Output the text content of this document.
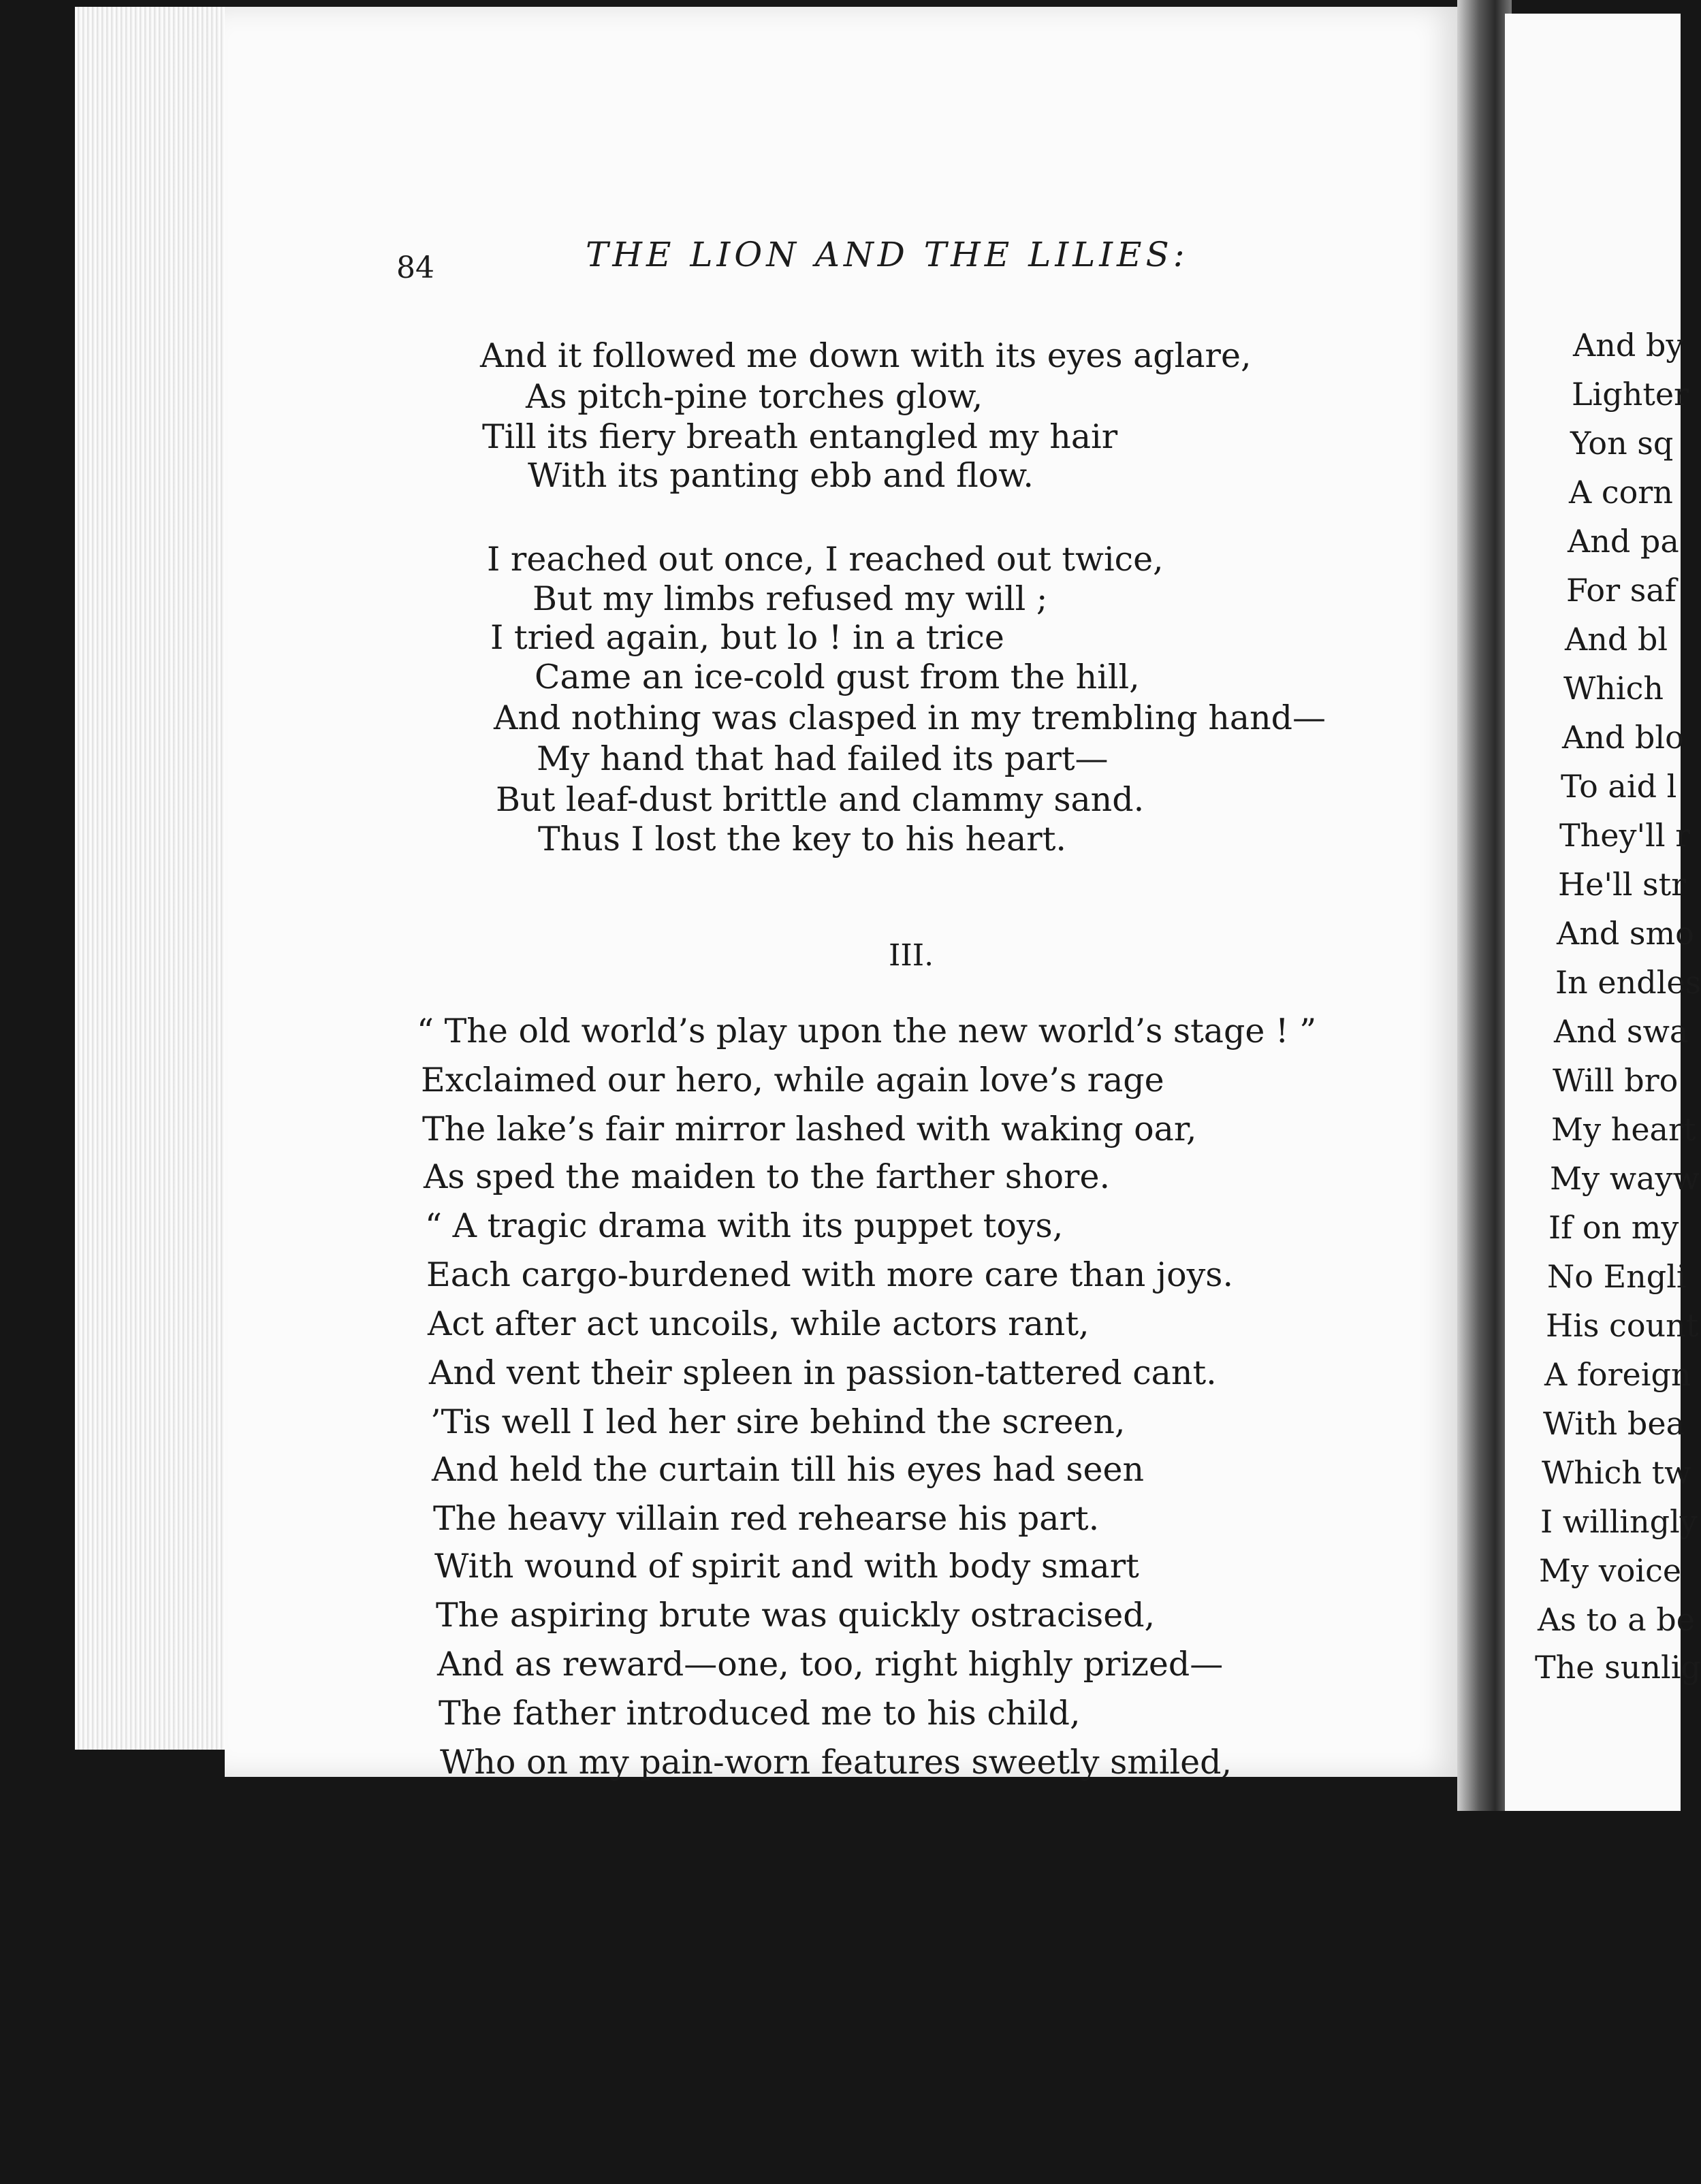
84	THE LION AND THE LILIES:
And it followed me down with its eyes aglare,
As pitch-pine torches glow,
Till its fiery breath entangled my hair
With its panting ebb and flow.
I reached out once, I reached out twice,
But my limbs refused my will ;
I tried again, but lo ! in a trice
Came an ice-cold gust from the hill,
And nothing was clasped in my trembling hand—
My hand that had failed its part—
But leaf-dust brittle and clammy sand.
Thus I lost the key to his heart.
III.
“ The old world’s play upon the new world’s stage ! ”
Exclaimed our hero, while again love’s rage
The lake’s fair mirror lashed with waking oar,
As sped the maiden to the farther shore.
“ A tragic drama with its puppet toys,
Each cargo-burdened with more care than joys.
Act after act uncoils, while actors rant,
And vent their spleen in passion-tattered cant.
’Tis well I led her sire behind the screen,
And held the curtain till his eyes had seen
The heavy villain red rehearse his part.
With wound of spirit and with body smart
The aspiring brute was quickly ostracised,
And as reward—one, too, right highly prized—
The father introduced me to his child,
Who on my pain-worn features sweetly smiled,
And by
Lighter
Yon sq
A corn
And pa
For saf
And bl
Which
And blo
To aid l
They'll r
He'll str
And smo
In endles
And swa
Will bro
My heart
My wayw
If on my
No Engli
His count
A foreign
With bea
Which tw
I willingly
My voice
As to a be
The sunlig
